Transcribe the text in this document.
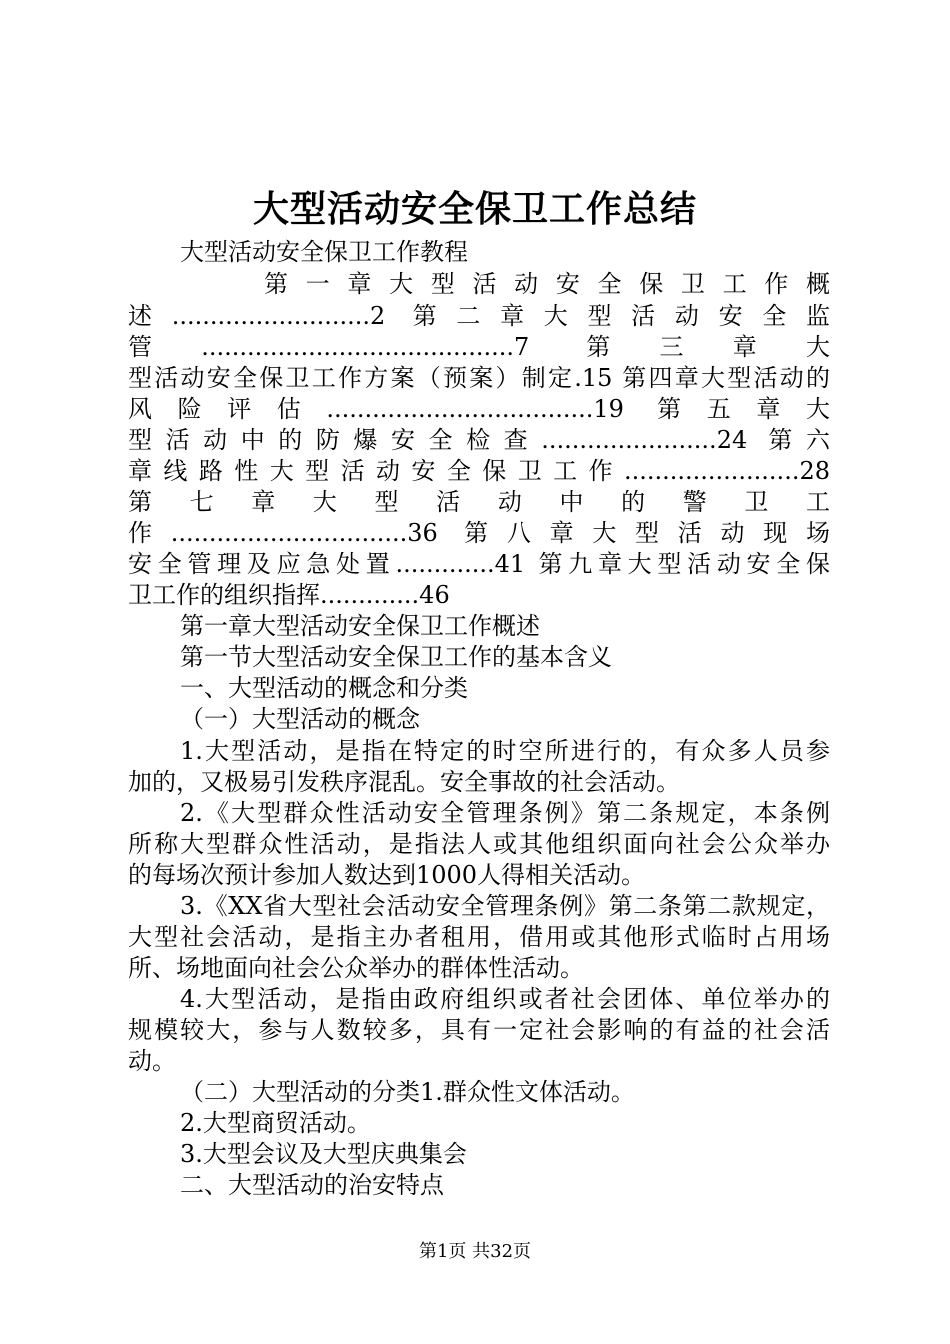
大型活动安全保卫工作总结
大型活动安全保卫工作教程
第 一 章 大 型 活 动 安 全 保 卫 工 作 概
述..........................2 第二章大型活动安全监
管.........................................7 第三章大
型活动安全保卫工作方案（预案）制定.15 第四章大型活动的
风险评估...................................19 第五章大
型活动中的防爆安全检查.......................24 第六
章线路性大型活动安全保卫工作.......................28
第 七 章 大 型 活 动 中 的 警 卫 工
作...............................36 第八章大型活动现场
安全管理及应急处置.............41 第九章大型活动安全保
卫工作的组织指挥.............46
第一章大型活动安全保卫工作概述
第一节大型活动安全保卫工作的基本含义
一、大型活动的概念和分类
（一）大型活动的概念
1.大型活动，是指在特定的时空所进行的，有众多人员参
加的，又极易引发秩序混乱。安全事故的社会活动。
2.《大型群众性活动安全管理条例》第二条规定，本条例
所称大型群众性活动，是指法人或其他组织面向社会公众举办
的每场次预计参加人数达到1000人得相关活动。
3.《XX省大型社会活动安全管理条例》第二条第二款规定，
大型社会活动，是指主办者租用，借用或其他形式临时占用场
所、场地面向社会公众举办的群体性活动。
4.大型活动，是指由政府组织或者社会团体、单位举办的
规模较大，参与人数较多，具有一定社会影响的有益的社会活
动。
（二）大型活动的分类1.群众性文体活动。
2.大型商贸活动。
3.大型会议及大型庆典集会
二、大型活动的治安特点
第1页 共32页
